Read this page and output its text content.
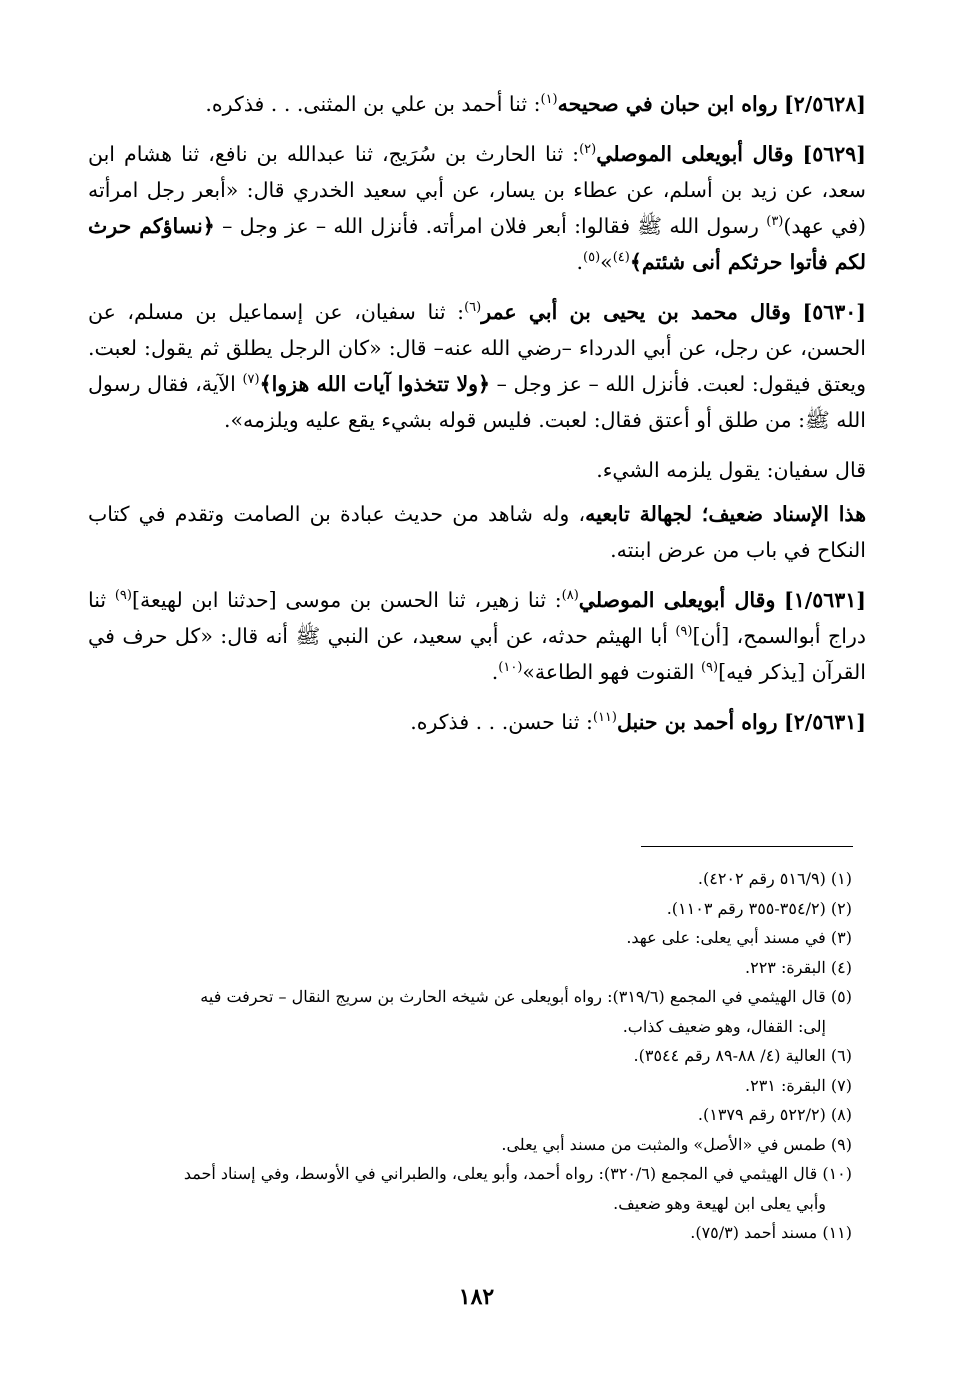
[٢/٥٦٢٨] رواه ابن حبان في صحيحه$^{(١)}$: ثنا أحمد بن علي بن المثنى. . . فذكره.

[٥٦٢٩] وقال أبويعلى الموصلي$^{(٢)}$: ثنا الحارث بن سُرَيج، ثنا عبدالله بن نافع، ثنا هشام ابن سعد، عن زيد بن أسلم، عن عطاء بن يسار، عن أبي سعيد الخدري قال: «أبعر رجل امرأته (في عهد)$^{(٣)}$ رسول الله ﷺ فقالوا: أبعر فلان امرأته. فأنزل الله – عز وجل – ﴿نساؤكم حرث لكم فأتوا حرثكم أنى شئتم﴾$^{(٤)}$»$^{(٥)}$.

[٥٦٣٠] وقال محمد بن يحيى بن أبي عمر$^{(٦)}$: ثنا سفيان، عن إسماعيل بن مسلم، عن الحسن، عن رجل، عن أبي الدرداء –رضي الله عنه– قال: «كان الرجل يطلق ثم يقول: لعبت. ويعتق فيقول: لعبت. فأنزل الله – عز وجل – ﴿ولا تتخذوا آيات الله هزوا﴾$^{(٧)}$ الآية، فقال رسول الله ﷺ: من طلق أو أعتق فقال: لعبت. فليس قوله بشيء يقع عليه ويلزمه».

قال سفيان: يقول يلزمه الشيء.

هذا الإسناد ضعيف؛ لجهالة تابعيه، وله شاهد من حديث عبادة بن الصامت وتقدم في كتاب النكاح في باب من عرض ابنته.

[١/٥٦٣١] وقال أبويعلى الموصلي$^{(٨)}$: ثنا زهير، ثنا الحسن بن موسى [حدثنا ابن لهيعة]$^{(٩)}$ ثنا دراج أبوالسمح، [أن]$^{(٩)}$ أبا الهيثم حدثه، عن أبي سعيد، عن النبي ﷺ أنه قال: «كل حرف في القرآن [يذكر فيه]$^{(٩)}$ القنوت فهو الطاعة»$^{(١٠)}$.

[٢/٥٦٣١] رواه أحمد بن حنبل$^{(١١)}$: ثنا حسن. . . فذكره.

(١) (٥١٦/٩ رقم ٤٢٠٢).

(٢) (٣٥٤/٢-٣٥٥ رقم ١١٠٣).

(٣) في مسند أبي يعلى: على عهد.

(٤) البقرة: ٢٢٣.

(٥) قال الهيثمي في المجمع (٣١٩/٦): رواه أبويعلى عن شيخه الحارث بن سريج النقال – تحرفت فيه
إلى: القفال، وهو ضعيف كذاب.

(٦) العالية (٤/ ٨٨-٨٩ رقم ٣٥٤٤).

(٧) البقرة: ٢٣١.

(٨) (٥٢٢/٢ رقم ١٣٧٩).

(٩) طمس في «الأصل» والمثبت من مسند أبي يعلى.

(١٠) قال الهيثمي في المجمع (٣٢٠/٦): رواه أحمد، وأبو يعلى، والطبراني في الأوسط، وفي إسناد أحمد
وأبي يعلى ابن لهيعة وهو ضعيف.

(١١) مسند أحمد (٧٥/٣).

١٨٢
